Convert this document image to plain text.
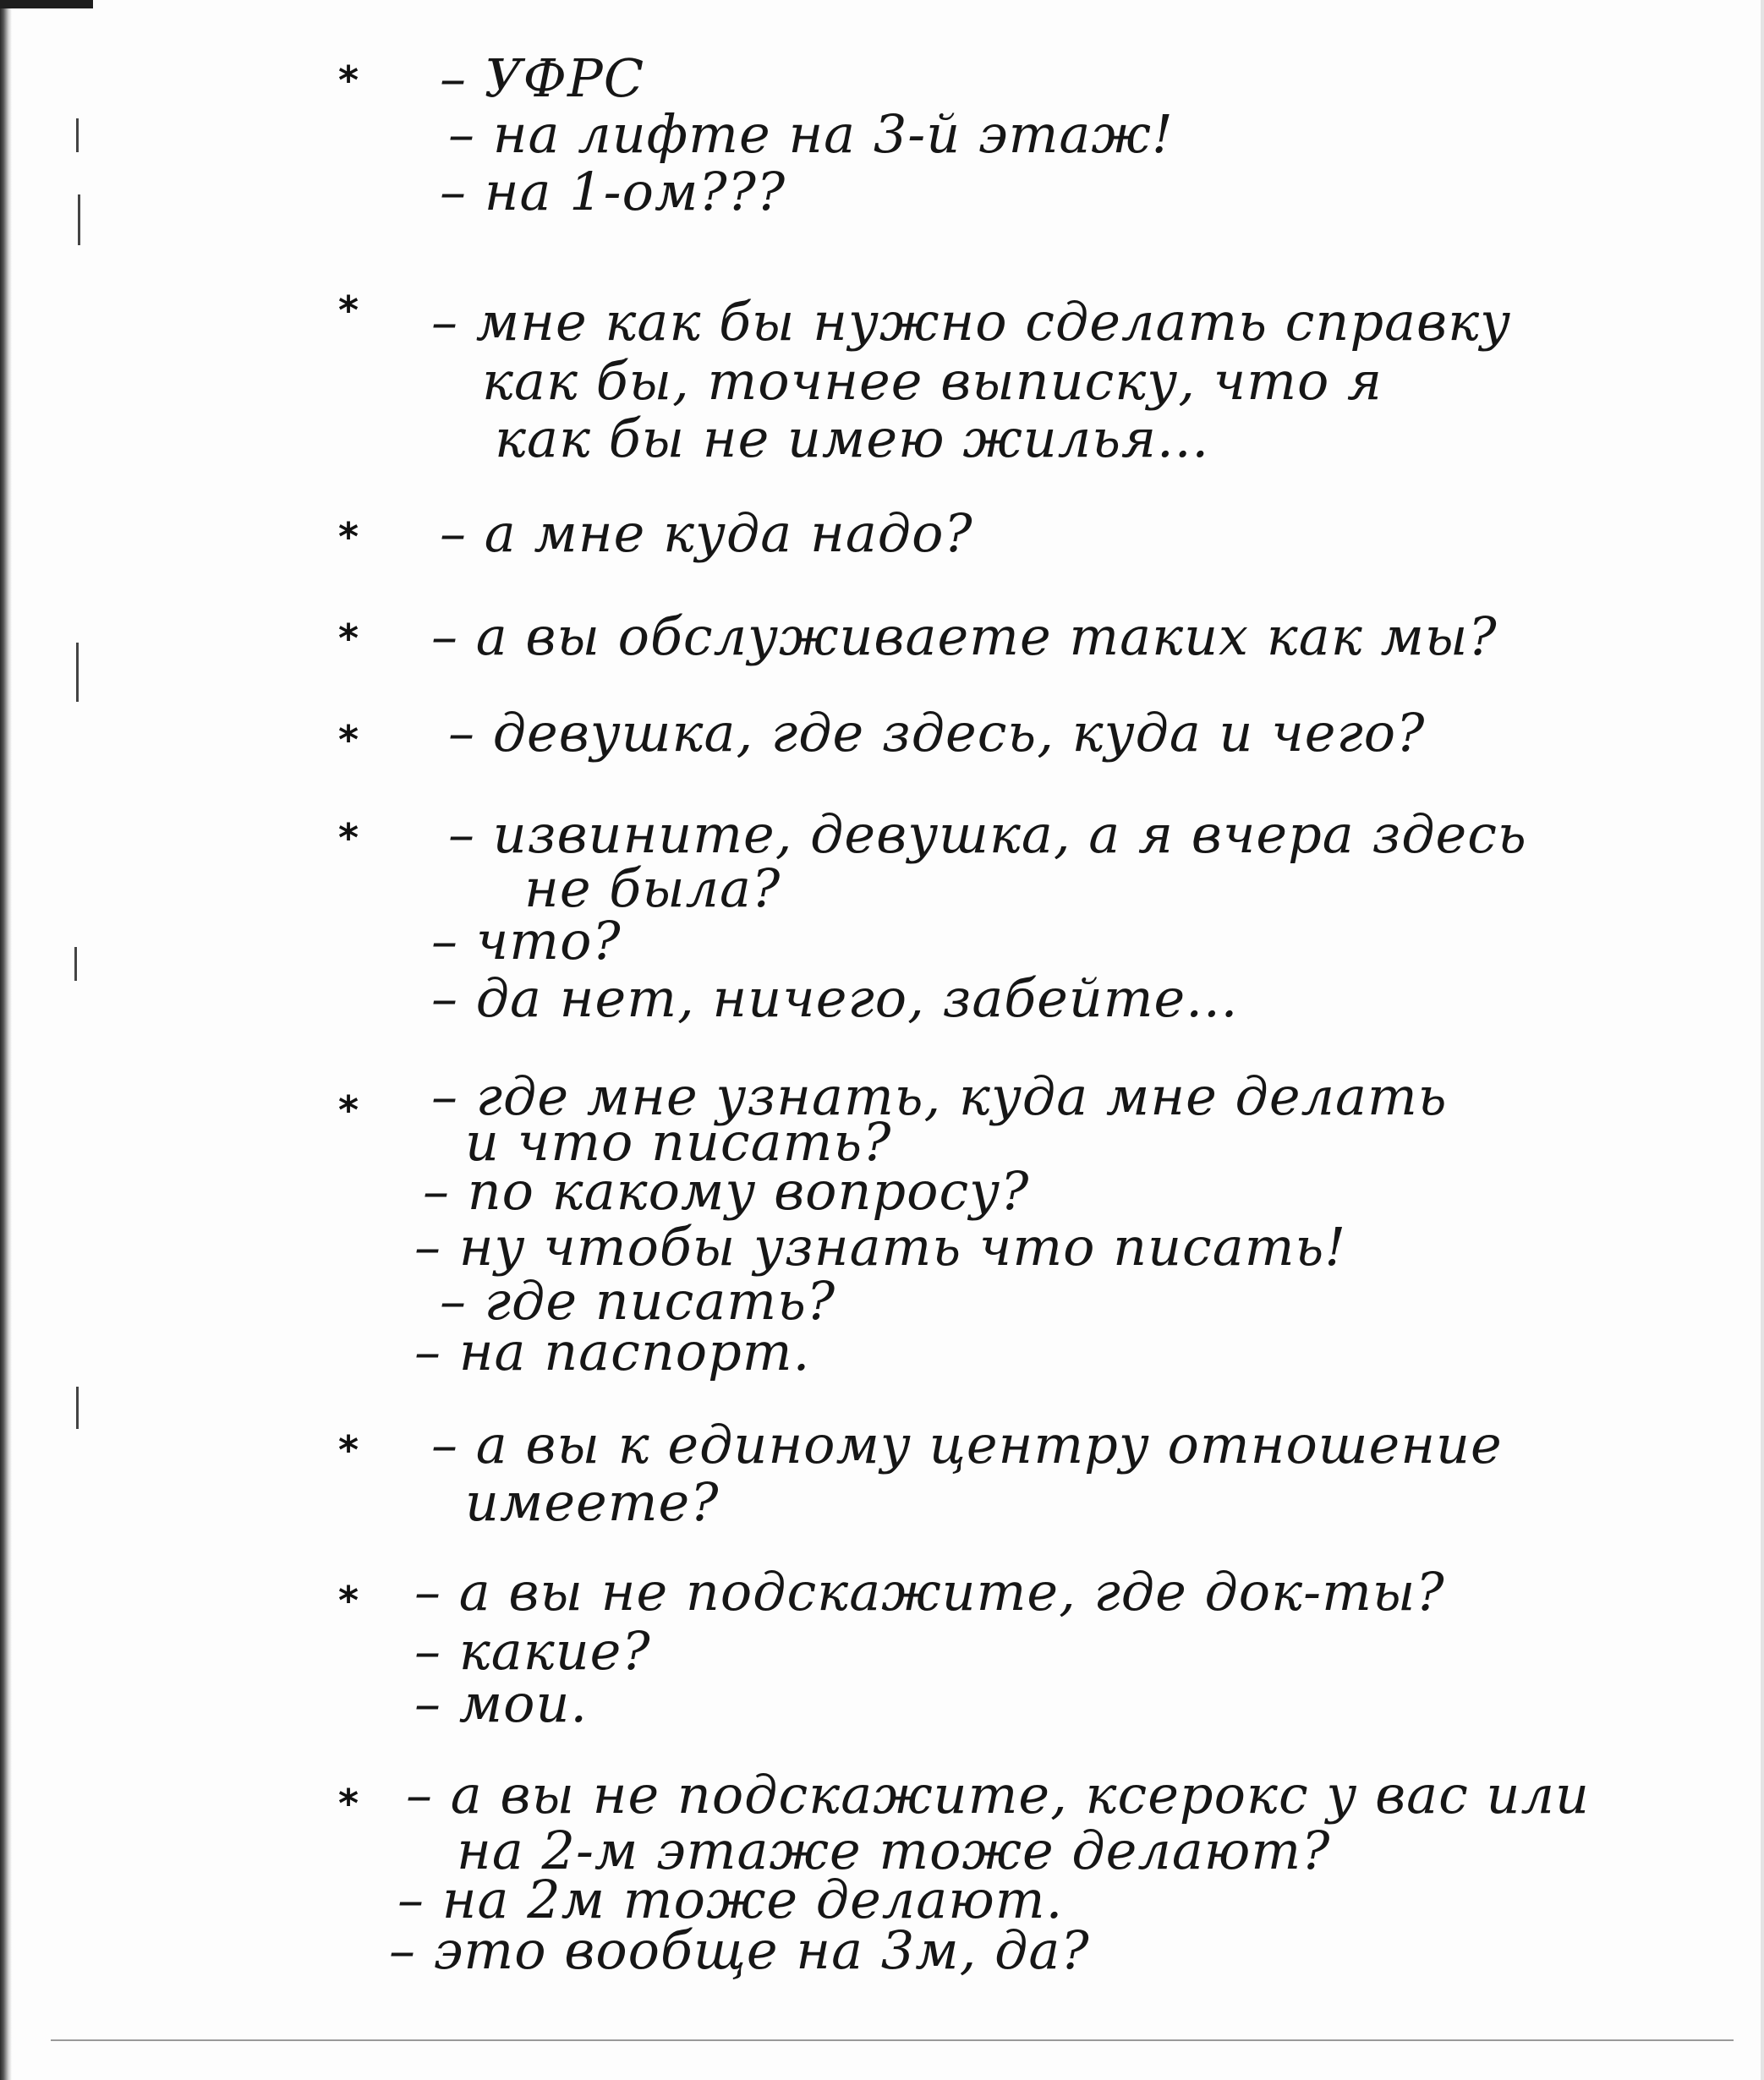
* – УФРС
– на лифте на 3-й этаж!
– на 1-ом???
* – мне как бы нужно сделать справку
как бы, точнее выписку, что я
как бы не имею жилья...
* – а мне куда надо?
* – а вы обслуживаете таких как мы?
* – девушка, где здесь, куда и чего?
* – извините, девушка, а я вчера здесь
не была?
– что?
– да нет, ничего, забейте...
* – где мне узнать, куда мне делать
и что писать?
– по какому вопросу?
– ну чтобы узнать что писать!
– где писать?
– на паспорт.
* – а вы к единому центру отношение
имеете?
* – а вы не подскажите, где док-ты?
– какие?
– мои.
* – а вы не подскажите, ксерокс у вас или
на 2-м этаже тоже делают?
– на 2м тоже делают.
– это вообще на 3м, да?
